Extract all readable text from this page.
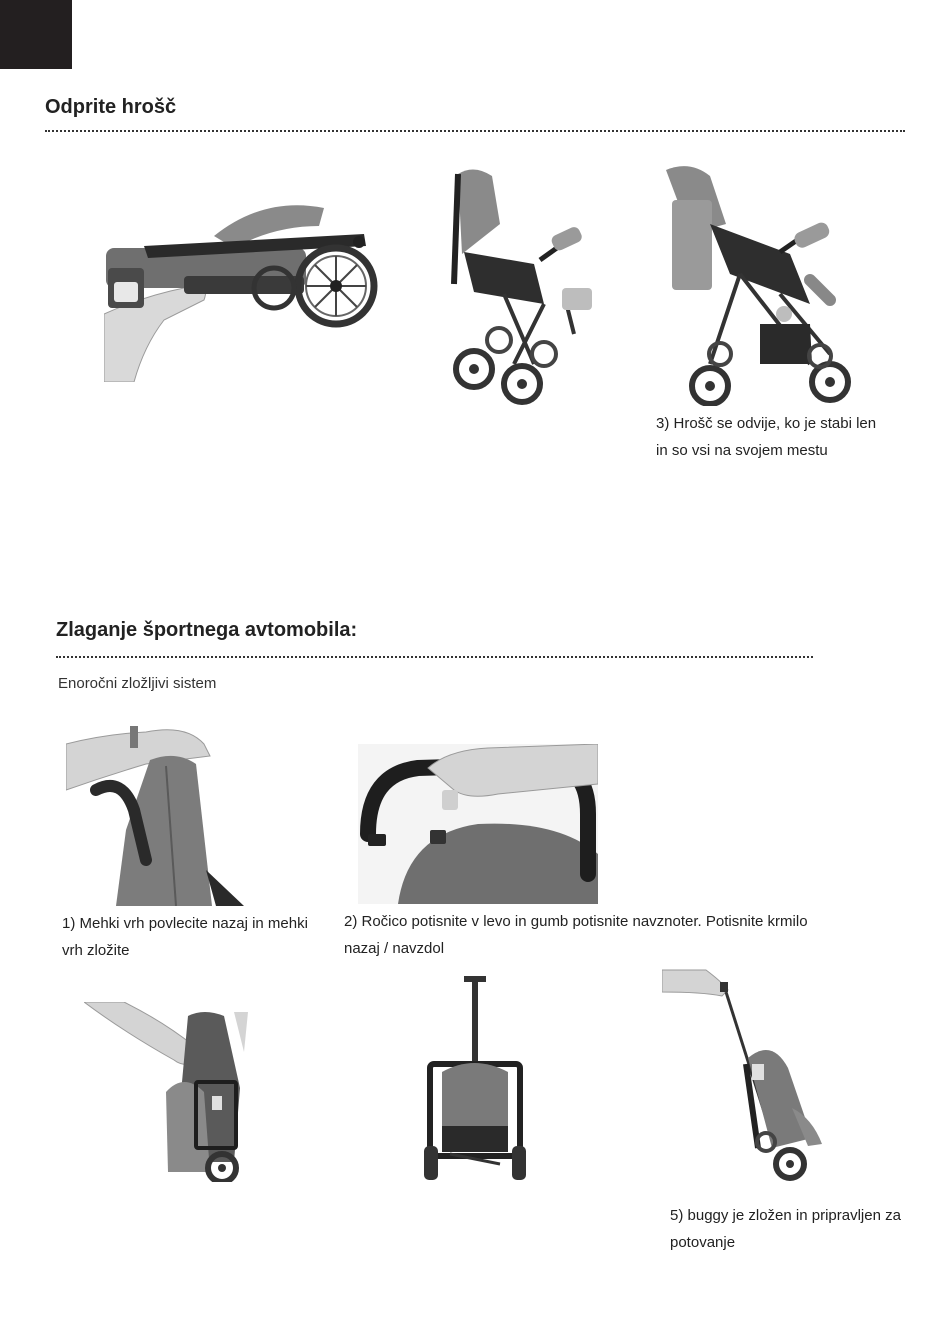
Odprite hrošč
3) Hrošč se odvije, ko je stabi len in so vsi na svojem mestu
Zlaganje športnega avtomobila:
Enoročni zložljivi sistem
1) Mehki vrh povlecite nazaj in mehki vrh zložite
2) Ročico potisnite v levo in gumb potisnite navznoter. Potisnite krmilo nazaj / navzdol
5) buggy je zložen in pripravljen za potovanje
